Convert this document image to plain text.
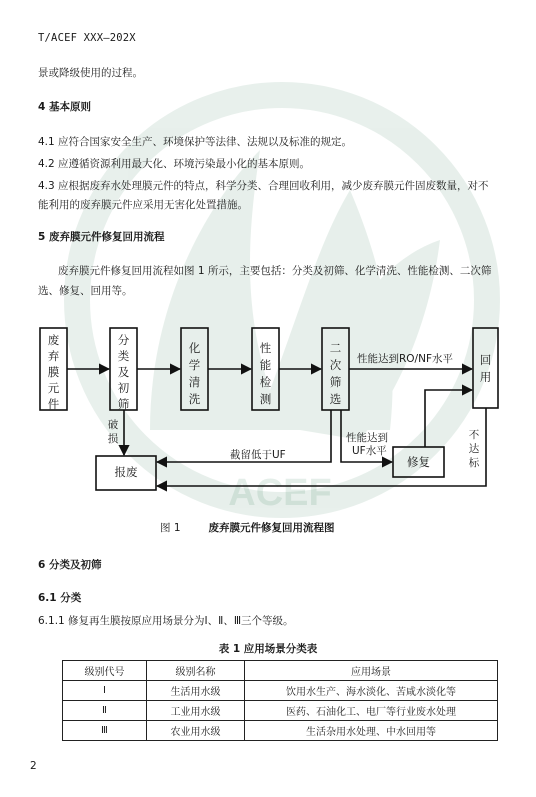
ACEF
T/ACEF XXX—202X
景或降级使用的过程。
4 基本原则
4.1 应符合国家安全生产、环境保护等法律、法规以及标准的规定。
4.2 应遵循资源利用最大化、环境污染最小化的基本原则。
4.3 应根据废弃水处理膜元件的特点，科学分类、合理回收利用，减少废弃膜元件固废数量，对不
能利用的废弃膜元件应采用无害化处置措施。
5 废弃膜元件修复回用流程
废弃膜元件修复回用流程如图 1 所示，主要包括：分类及初筛、化学清洗、性能检测、二次筛
选、修复、回用等。
废
弃
膜
元
件
分
类
及
初
筛
化
学
清
洗
性
能
检
测
二
次
筛
选
回
用
报废
修复
破
损
性能达到RO/NF水平
性能达到
UF水平
截留低于UF
不
达
标
图 1	废弃膜元件修复回用流程图
6 分类及初筛
6.1 分类
6.1.1 修复再生膜按原应用场景分为Ⅰ、Ⅱ、Ⅲ三个等级。
表 1 应用场景分类表
级别代号	级别名称	应用场景
Ⅰ	生活用水级	饮用水生产、海水淡化、苦咸水淡化等
Ⅱ	工业用水级	医药、石油化工、电厂等行业废水处理
Ⅲ	农业用水级	生活杂用水处理、中水回用等
2
